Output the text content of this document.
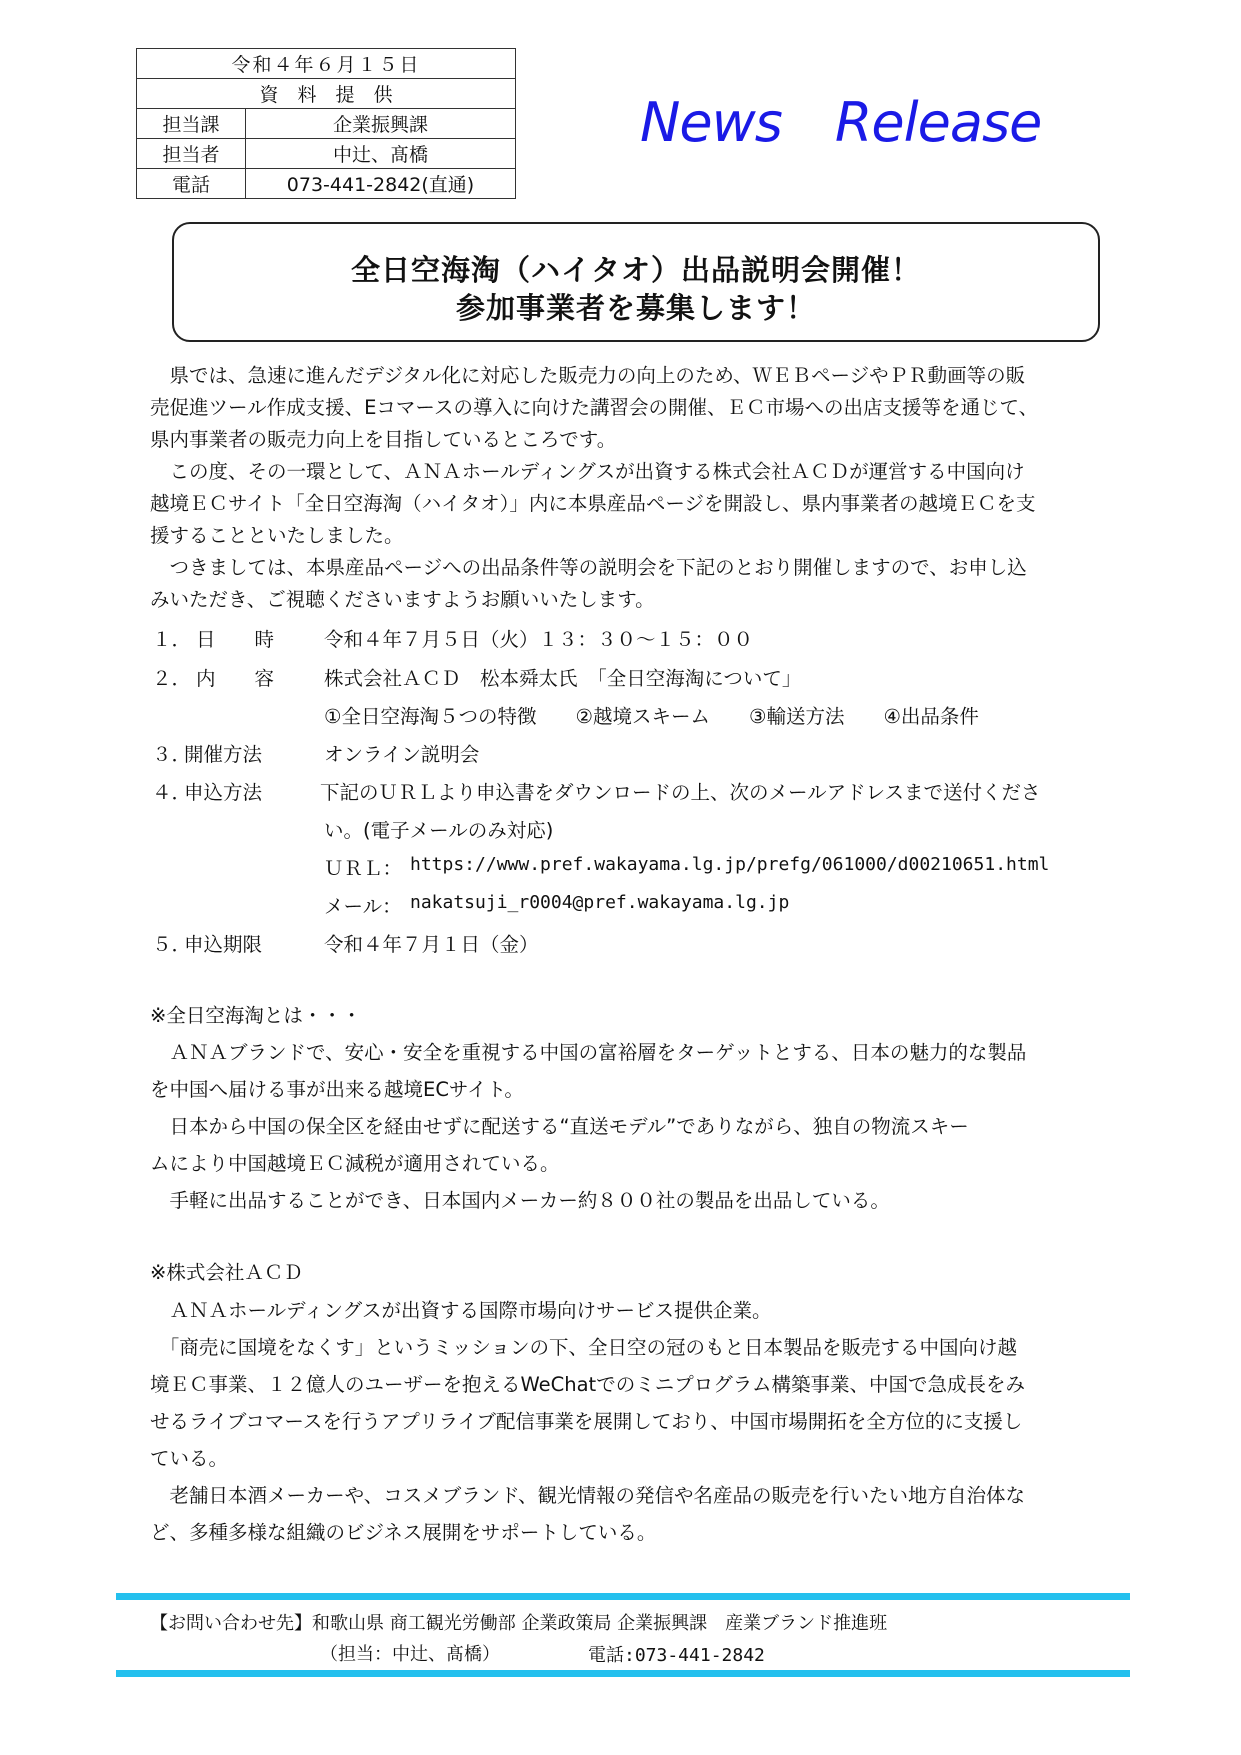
令和４年６月１５日	
資　料　提　供	
担当課	企業振興課
担当者	中辻、髙橋
電話	073-441-2842(直通)
News　Release
全日空海淘（ハイタオ）出品説明会開催！
参加事業者を募集します！
　県では、急速に進んだデジタル化に対応した販売力の向上のため、ＷＥＢページやＰＲ動画等の販
売促進ツール作成支援、Eコマースの導入に向けた講習会の開催、ＥＣ市場への出店支援等を通じて、
県内事業者の販売力向上を目指しているところです。
　この度、その一環として、ＡＮＡホールディングスが出資する株式会社ＡＣＤが運営する中国向け
越境ＥＣサイト「全日空海淘（ハイタオ）」内に本県産品ページを開設し、県内事業者の越境ＥＣを支
援することといたしました。
　つきましては、本県産品ページへの出品条件等の説明会を下記のとおり開催しますので、お申し込
みいただき、ご視聴くださいますようお願いいたします。
１． 日　　時	令和４年７月５日（火）１３：３０～１５：００
２． 内　　容	株式会社ＡＣＤ　松本舜太氏　「全日空海淘について」
①全日空海淘５つの特徴　　②越境スキーム　　③輸送方法　　④出品条件
３．
開催方法	オンライン説明会
４．
申込方法	下記のＵＲＬより申込書をダウンロードの上、次のメールアドレスまで送付くださ
い。(電子メールのみ対応)
ＵＲＬ： https://www.pref.wakayama.lg.jp/prefg/061000/d00210651.html
メール： nakatsuji_r0004@pref.wakayama.lg.jp
５．
申込期限	令和４年７月１日（金）
※全日空海淘とは・・・
　ＡＮＡブランドで、安心・安全を重視する中国の富裕層をターゲットとする、日本の魅力的な製品
を中国へ届ける事が出来る越境ECサイト。
　日本から中国の保全区を経由せずに配送する“直送モデル”でありながら、独自の物流スキー
ムにより中国越境ＥＣ減税が適用されている。
　手軽に出品することができ、日本国内メーカー約８００社の製品を出品している。
※株式会社ＡＣＤ
　ＡＮＡホールディングスが出資する国際市場向けサービス提供企業。
　「商売に国境をなくす」というミッションの下、全日空の冠のもと日本製品を販売する中国向け越
境ＥＣ事業、１２億人のユーザーを抱えるWeChatでのミニプログラム構築事業、中国で急成長をみ
せるライブコマースを行うアプリライブ配信事業を展開しており、中国市場開拓を全方位的に支援し
ている。
　老舗日本酒メーカーや、コスメブランド、観光情報の発信や名産品の販売を行いたい地方自治体な
ど、多種多様な組織のビジネス展開をサポートしている。
【お問い合わせ先】和歌山県 商工観光労働部 企業政策局 企業振興課　産業ブランド推進班
（担当：中辻、髙橋）	電話:073-441-2842
